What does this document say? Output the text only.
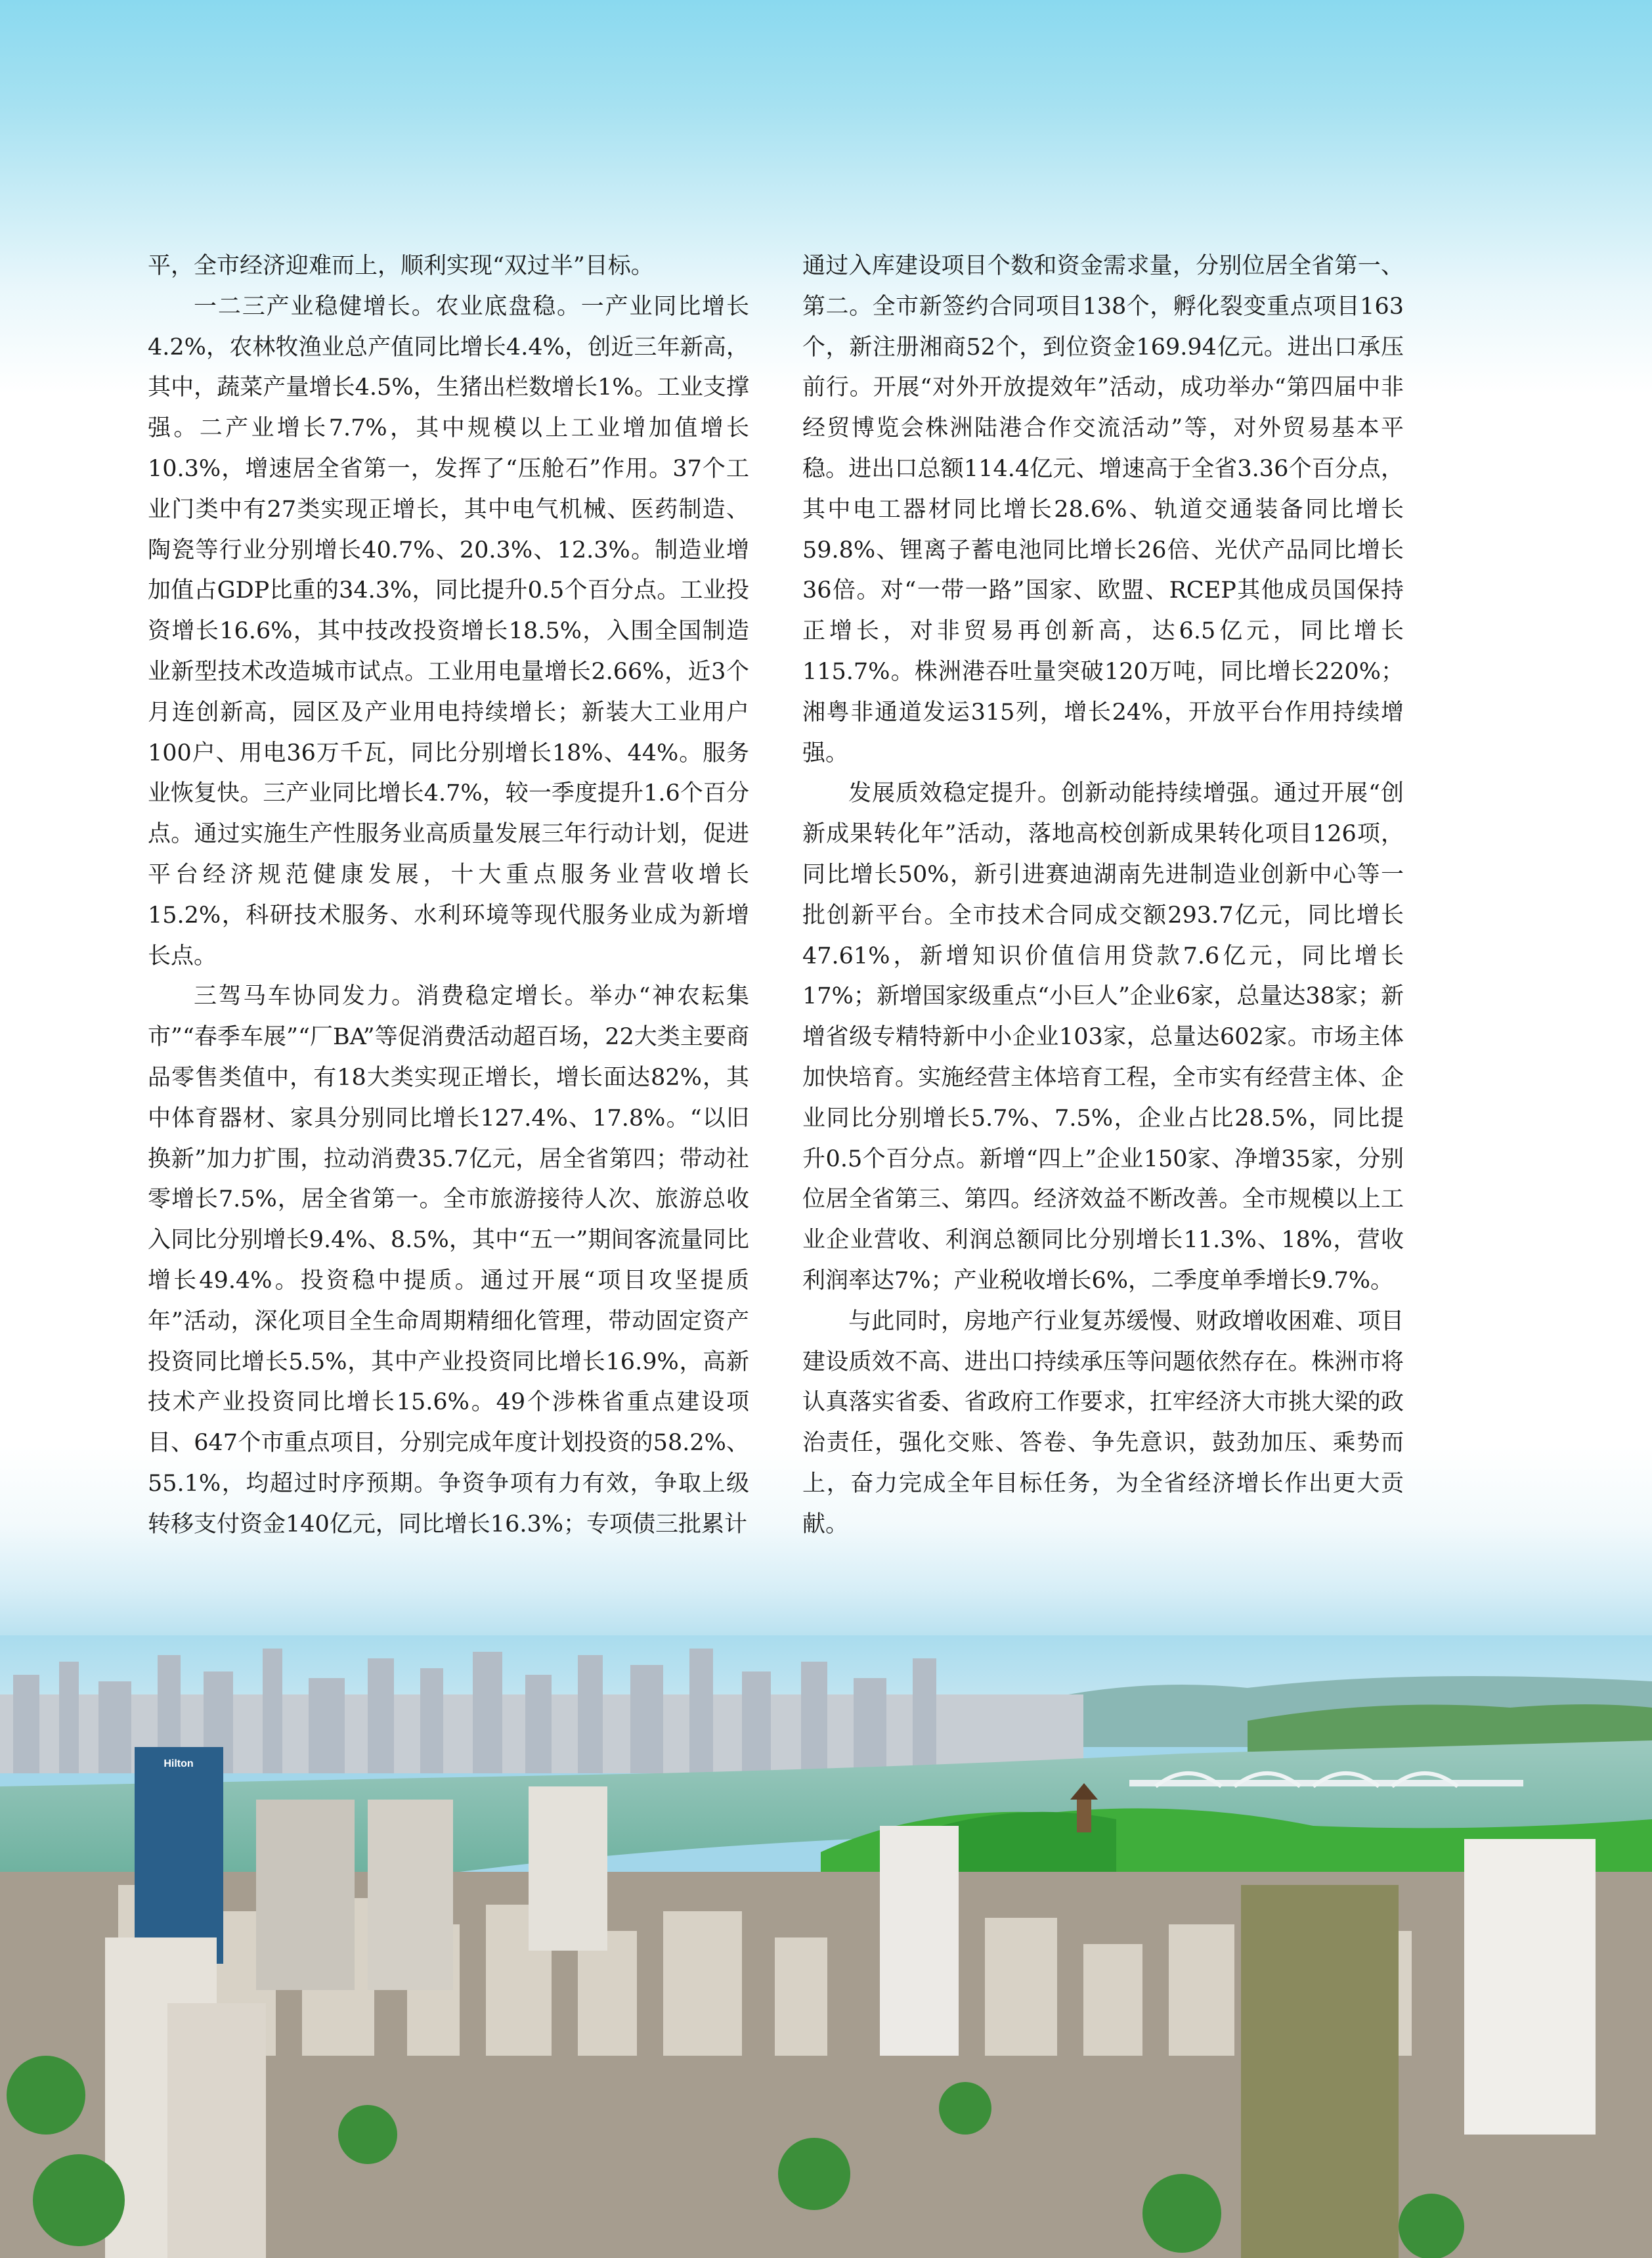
平，全市经济迎难而上，顺利实现“双过半”目标。

一二三产业稳健增长。农业底盘稳。一产业同比增长4.2%，农林牧渔业总产值同比增长4.4%，创近三年新高，其中，蔬菜产量增长4.5%，生猪出栏数增长1%。工业支撑强。二产业增长7.7%，其中规模以上工业增加值增长10.3%，增速居全省第一，发挥了“压舱石”作用。37个工业门类中有27类实现正增长，其中电气机械、医药制造、陶瓷等行业分别增长40.7%、20.3%、12.3%。制造业增加值占GDP比重的34.3%，同比提升0.5个百分点。工业投资增长16.6%，其中技改投资增长18.5%，入围全国制造业新型技术改造城市试点。工业用电量增长2.66%，近3个月连创新高，园区及产业用电持续增长；新装大工业用户100户、用电36万千瓦，同比分别增长18%、44%。服务业恢复快。三产业同比增长4.7%，较一季度提升1.6个百分点。通过实施生产性服务业高质量发展三年行动计划，促进平台经济规范健康发展，十大重点服务业营收增长15.2%，科研技术服务、水利环境等现代服务业成为新增长点。

三驾马车协同发力。消费稳定增长。举办“神农耘集市”“春季车展”“厂BA”等促消费活动超百场，22大类主要商品零售类值中，有18大类实现正增长，增长面达82%，其中体育器材、家具分别同比增长127.4%、17.8%。“以旧换新”加力扩围，拉动消费35.7亿元，居全省第四；带动社零增长7.5%，居全省第一。全市旅游接待人次、旅游总收入同比分别增长9.4%、8.5%，其中“五一”期间客流量同比增长49.4%。投资稳中提质。通过开展“项目攻坚提质年”活动，深化项目全生命周期精细化管理，带动固定资产投资同比增长5.5%，其中产业投资同比增长16.9%，高新技术产业投资同比增长15.6%。49个涉株省重点建设项目、647个市重点项目，分别完成年度计划投资的58.2%、55.1%，均超过时序预期。争资争项有力有效，争取上级转移支付资金140亿元，同比增长16.3%；专项债三批累计

通过入库建设项目个数和资金需求量，分别位居全省第一、第二。全市新签约合同项目138个，孵化裂变重点项目163个，新注册湘商52个，到位资金169.94亿元。进出口承压前行。开展“对外开放提效年”活动，成功举办“第四届中非经贸博览会株洲陆港合作交流活动”等，对外贸易基本平稳。进出口总额114.4亿元、增速高于全省3.36个百分点，其中电工器材同比增长28.6%、轨道交通装备同比增长59.8%、锂离子蓄电池同比增长26倍、光伏产品同比增长36倍。对“一带一路”国家、欧盟、RCEP其他成员国保持正增长，对非贸易再创新高，达6.5亿元，同比增长115.7%。株洲港吞吐量突破120万吨，同比增长220%；湘粤非通道发运315列，增长24%，开放平台作用持续增强。

发展质效稳定提升。创新动能持续增强。通过开展“创新成果转化年”活动，落地高校创新成果转化项目126项，同比增长50%，新引进赛迪湖南先进制造业创新中心等一批创新平台。全市技术合同成交额293.7亿元，同比增长47.61%，新增知识价值信用贷款7.6亿元，同比增长17%；新增国家级重点“小巨人”企业6家，总量达38家；新增省级专精特新中小企业103家，总量达602家。市场主体加快培育。实施经营主体培育工程，全市实有经营主体、企业同比分别增长5.7%、7.5%，企业占比28.5%，同比提升0.5个百分点。新增“四上”企业150家、净增35家，分别位居全省第三、第四。经济效益不断改善。全市规模以上工业企业营收、利润总额同比分别增长11.3%、18%，营收利润率达7%；产业税收增长6%，二季度单季增长9.7%。

与此同时，房地产行业复苏缓慢、财政增收困难、项目建设质效不高、进出口持续承压等问题依然存在。株洲市将认真落实省委、省政府工作要求，扛牢经济大市挑大梁的政治责任，强化交账、答卷、争先意识，鼓劲加压、乘势而上，奋力完成全年目标任务，为全省经济增长作出更大贡献。

Hilton
